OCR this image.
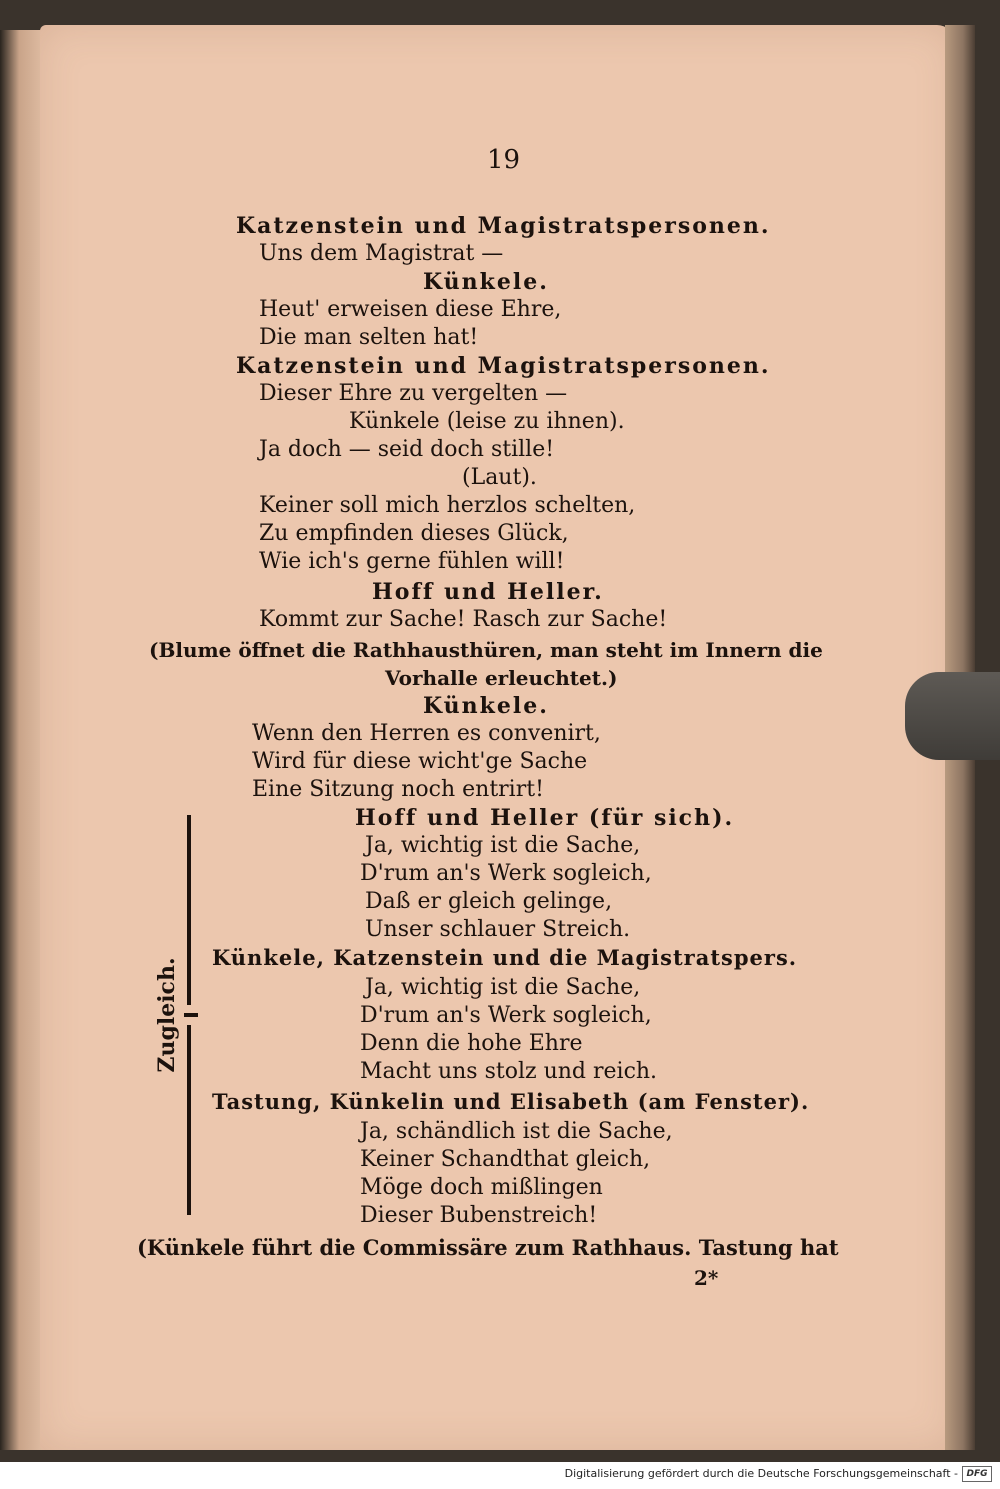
19
Katzenstein und Magistratspersonen.
Uns dem Magistrat —
Künkele.
Heut' erweisen diese Ehre,
Die man selten hat!
Katzenstein und Magistratspersonen.
Dieser Ehre zu vergelten —
Künkele (leise zu ihnen).
Ja doch — seid doch stille!
(Laut).
Keiner soll mich herzlos schelten,
Zu empfinden dieses Glück,
Wie ich's gerne fühlen will!
Hoff und Heller.
Kommt zur Sache! Rasch zur Sache!
(Blume öffnet die Rathhausthüren, man steht im Innern die
Vorhalle erleuchtet.)
Künkele.
Wenn den Herren es convenirt,
Wird für diese wicht'ge Sache
Eine Sitzung noch entrirt!
Hoff und Heller (für sich).
Ja, wichtig ist die Sache,
D'rum an's Werk sogleich,
Daß er gleich gelinge,
Unser schlauer Streich.
Künkele, Katzenstein und die Magistratspers.
Ja, wichtig ist die Sache,
D'rum an's Werk sogleich,
Denn die hohe Ehre
Macht uns stolz und reich.
Tastung, Künkelin und Elisabeth (am Fenster).
Ja, schändlich ist die Sache,
Keiner Schandthat gleich,
Möge doch mißlingen
Dieser Bubenstreich!
(Künkele führt die Commissäre zum Rathhaus. Tastung hat
2*
Zugleich.
Digitalisierung gefördert durch die Deutsche Forschungsgemeinschaft - DFG
